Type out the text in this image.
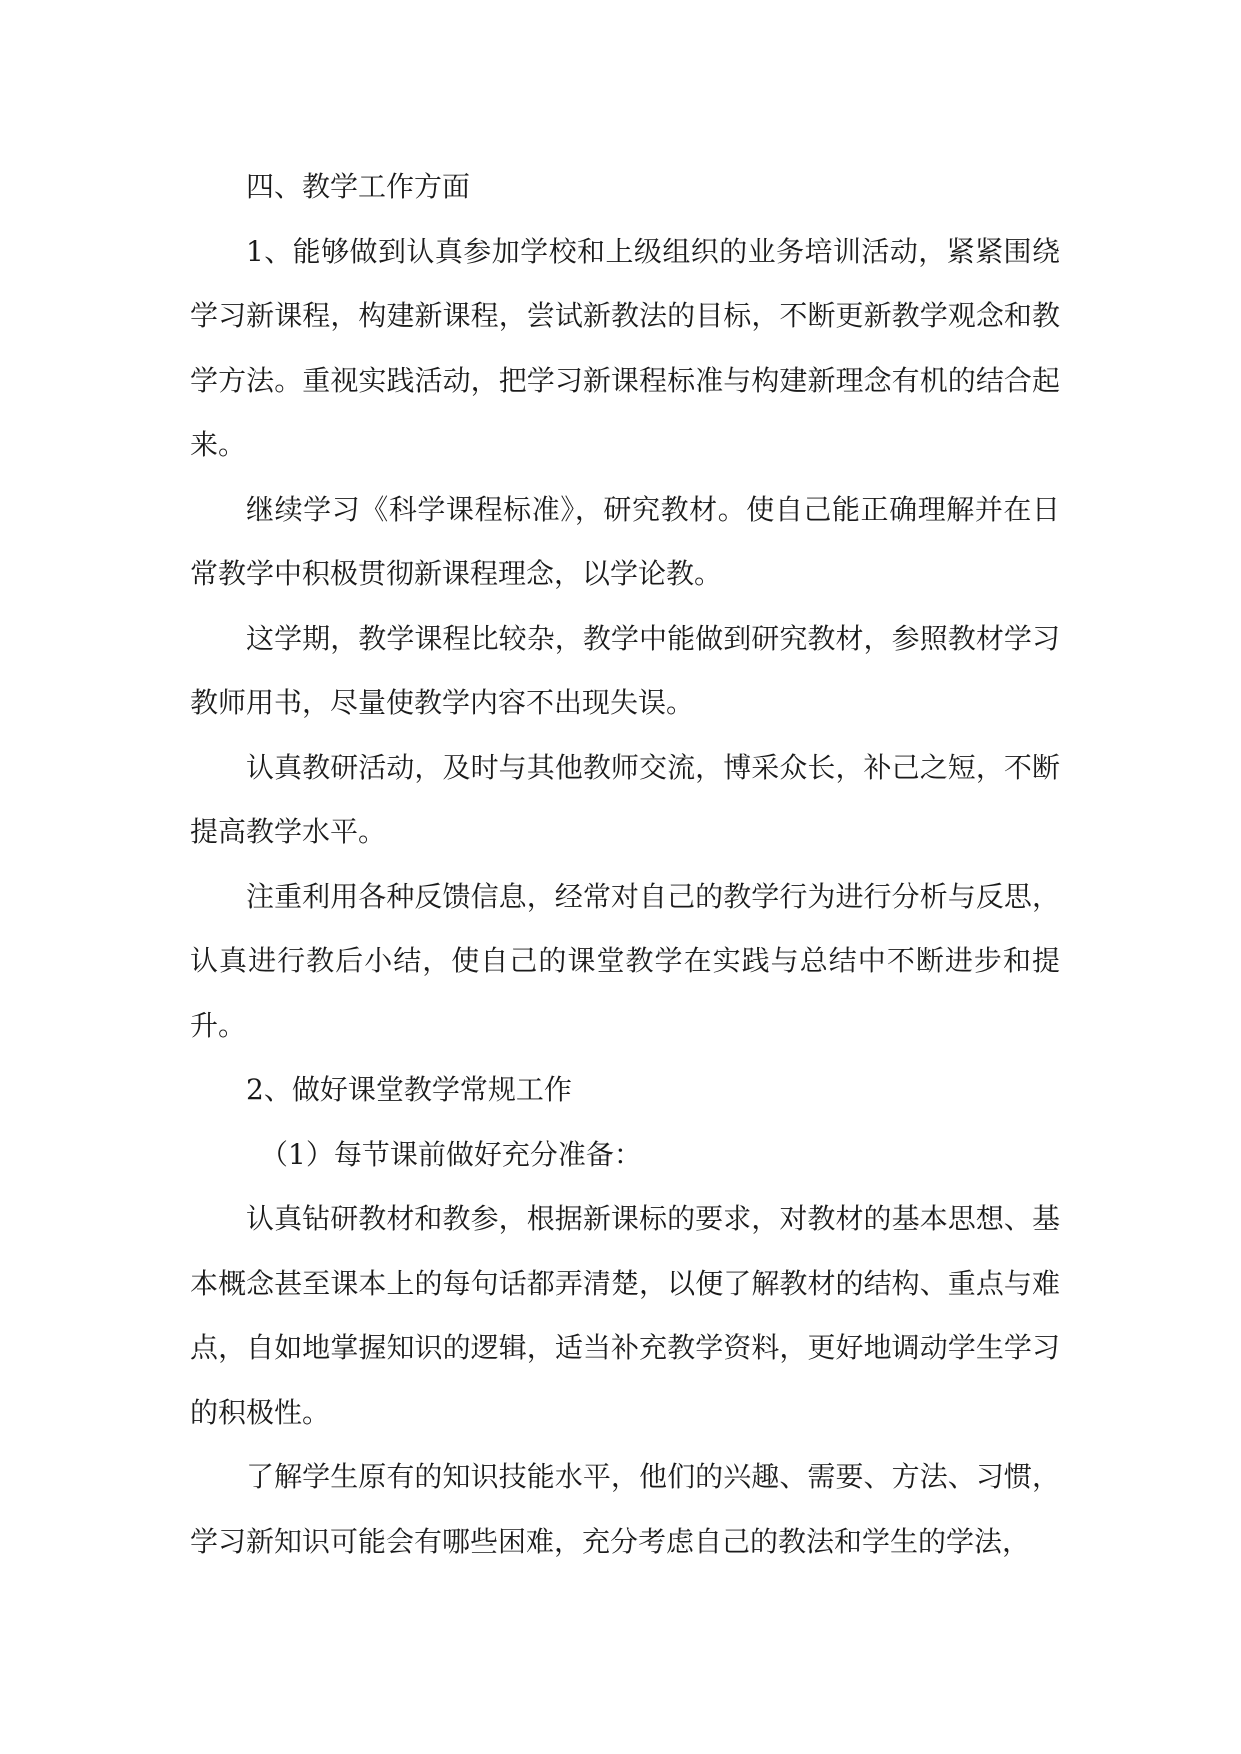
四、教学工作方面

1、能够做到认真参加学校和上级组织的业务培训活动，紧紧围绕学习新课程，构建新课程，尝试新教法的目标，不断更新教学观念和教学方法。重视实践活动，把学习新课程标准与构建新理念有机的结合起来。

继续学习《科学课程标准》，研究教材。使自己能正确理解并在日常教学中积极贯彻新课程理念，以学论教。

这学期，教学课程比较杂，教学中能做到研究教材，参照教材学习教师用书，尽量使教学内容不出现失误。

认真教研活动，及时与其他教师交流，博采众长，补己之短，不断提高教学水平。

注重利用各种反馈信息，经常对自己的教学行为进行分析与反思，认真进行教后小结，使自己的课堂教学在实践与总结中不断进步和提升。

2、做好课堂教学常规工作

（1）每节课前做好充分准备：

认真钻研教材和教参，根据新课标的要求，对教材的基本思想、基本概念甚至课本上的每句话都弄清楚，以便了解教材的结构、重点与难点，自如地掌握知识的逻辑，适当补充教学资料，更好地调动学生学习的积极性。

了解学生原有的知识技能水平，他们的兴趣、需要、方法、习惯，学习新知识可能会有哪些困难，充分考虑自己的教法和学生的学法，
